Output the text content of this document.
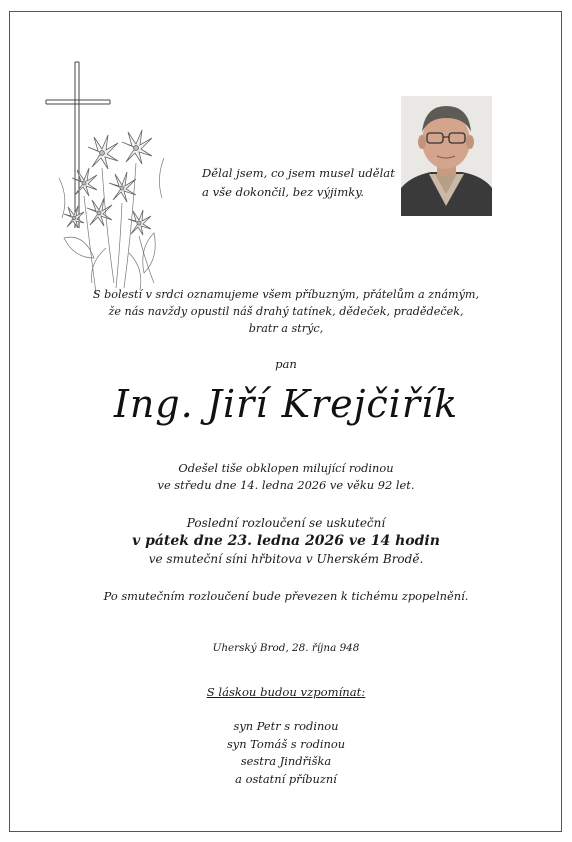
Dělal jsem, co jsem musel udělat
a vše dokončil, bez výjimky.
S bolestí v srdci oznamujeme všem příbuzným, přátelům a známým,
že nás navždy opustil náš drahý tatínek, dědeček, pradědeček,
bratr a strýc,
pan
Ing. Jiří Krejčiřík
Odešel tiše obklopen milující rodinou
ve středu dne 14. ledna 2026 ve věku 92 let.
Poslední rozloučení se uskuteční
v pátek dne 23. ledna 2026 ve 14 hodin
ve smuteční síni hřbitova v Uherském Brodě.
Po smutečním rozloučení bude převezen k tichému zpopelnění.
Uherský Brod, 28. října 948
S láskou budou vzpomínat:
syn Petr s rodinou
syn Tomáš s rodinou
sestra Jindřiška
a ostatní příbuzní
